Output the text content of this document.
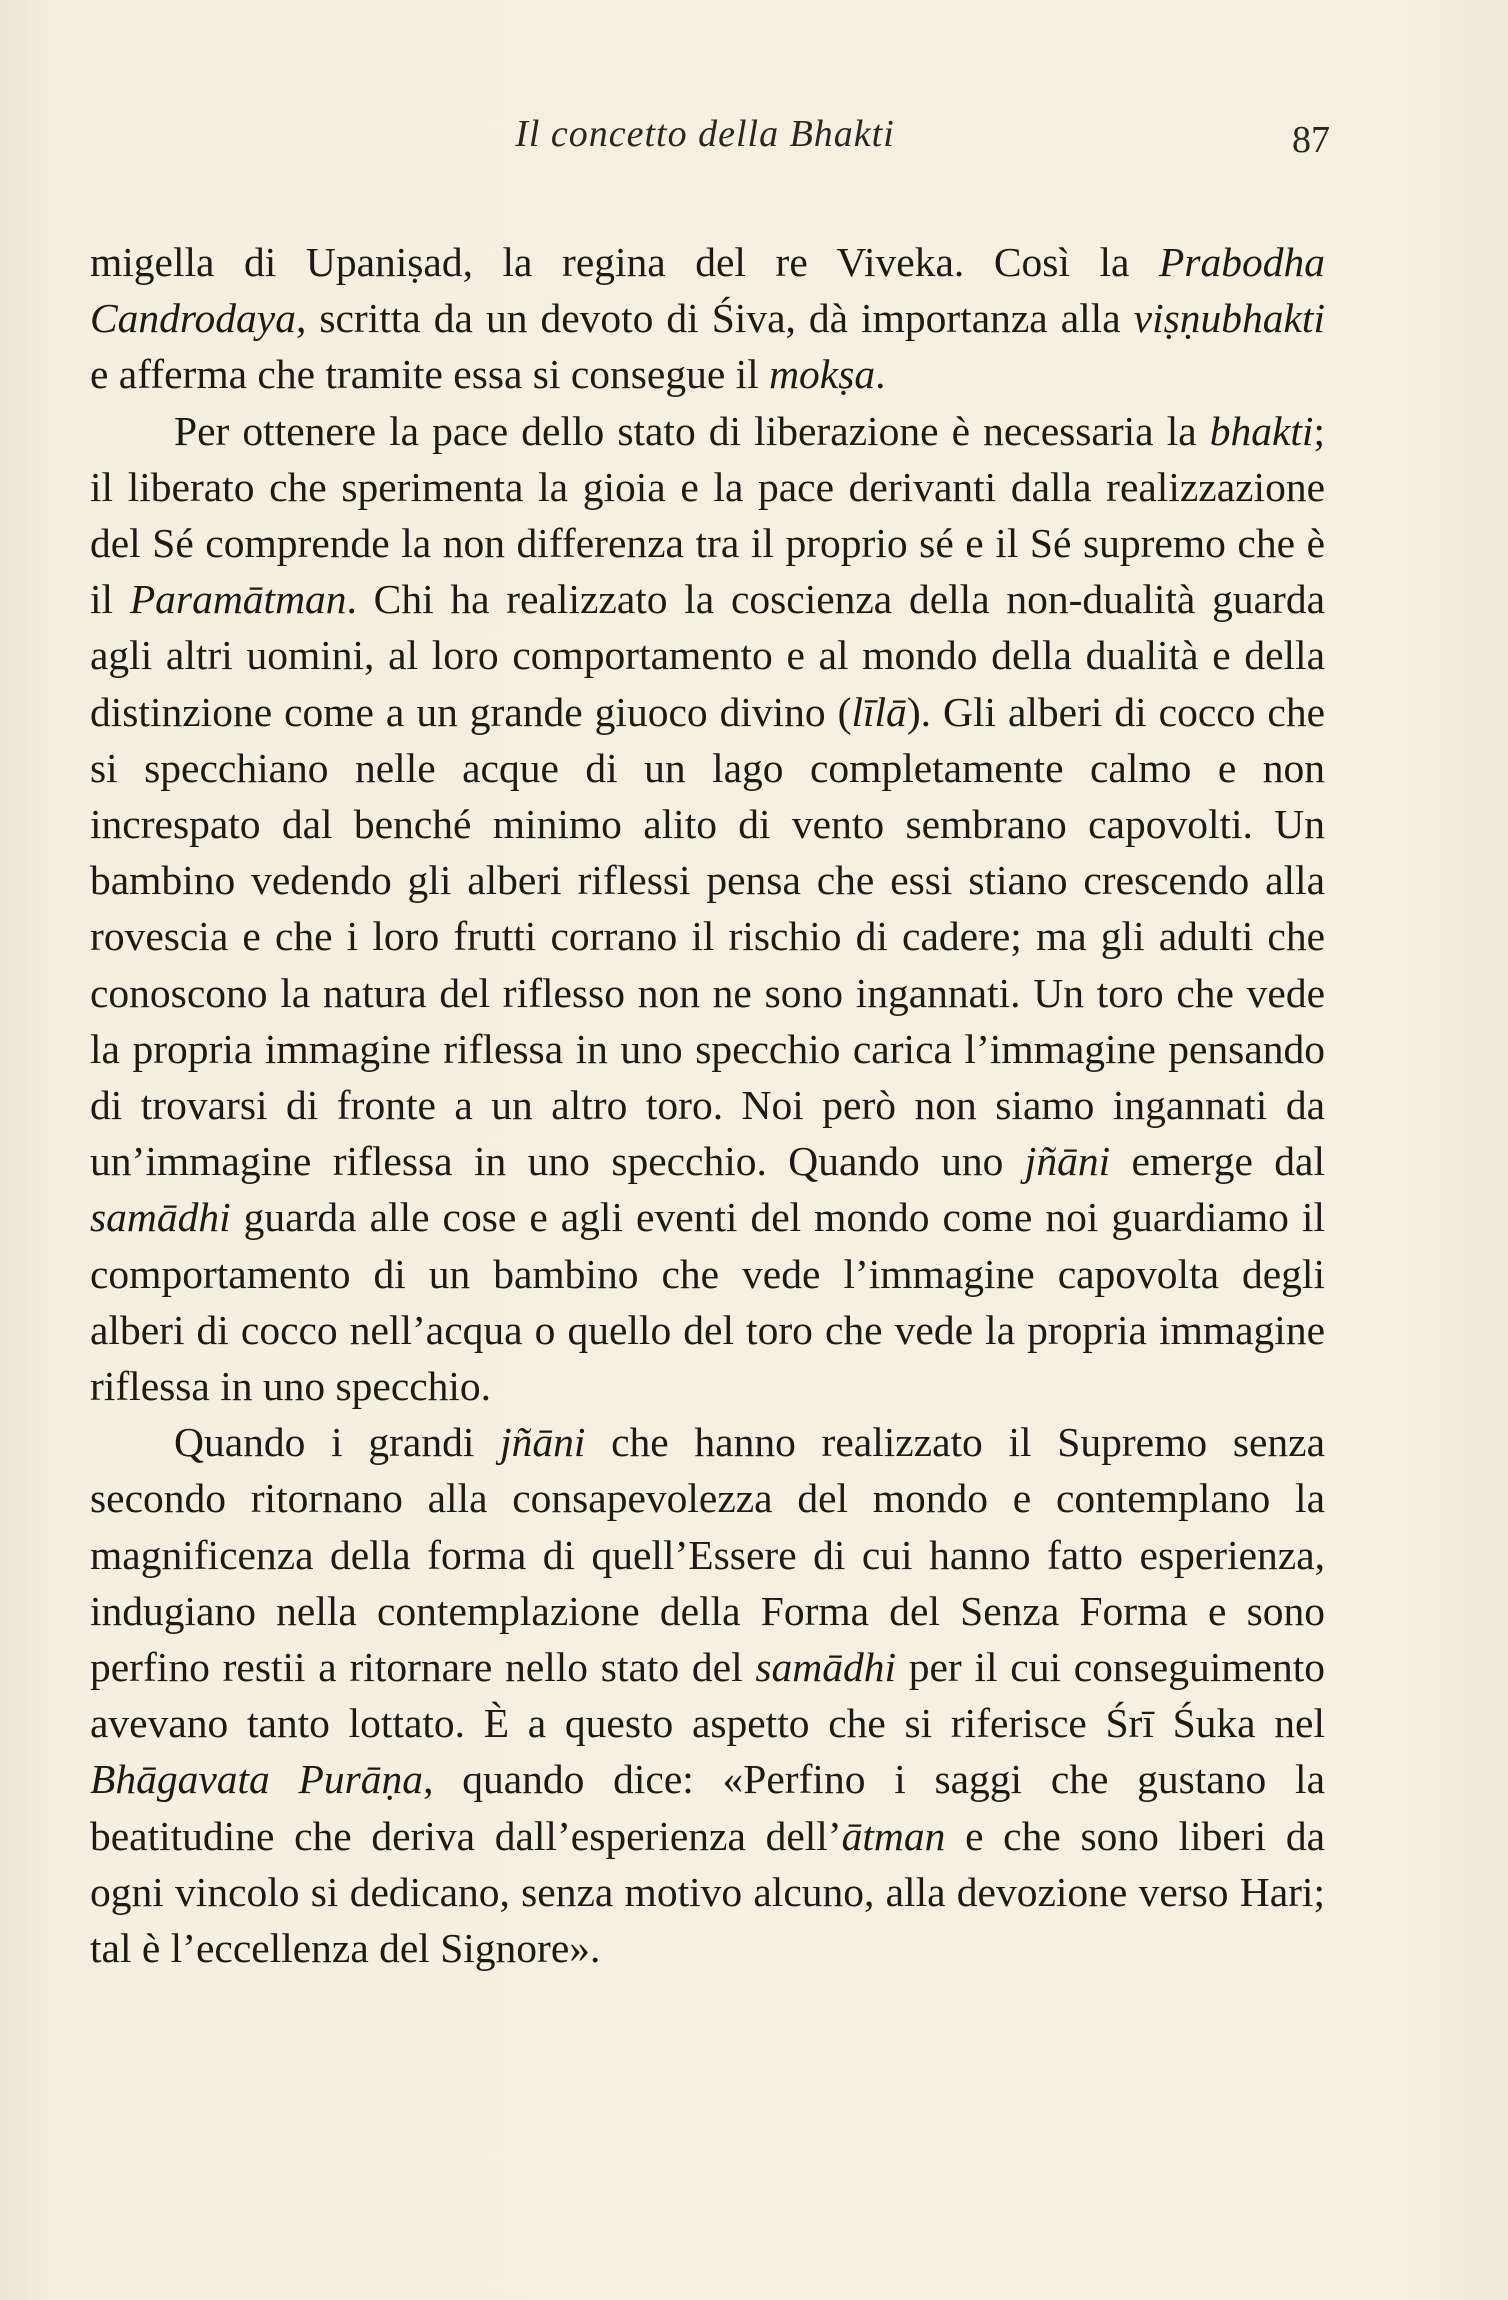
Il concetto della Bhakti	87

migella di Upaniṣad, la regina del re Viveka. Così la Prabodha Candrodaya, scritta da un devoto di Śiva, dà importanza alla viṣṇubhakti e afferma che tramite essa si consegue il mokṣa.

Per ottenere la pace dello stato di liberazione è necessaria la bhakti; il liberato che sperimenta la gioia e la pace derivanti dalla realizzazione del Sé comprende la non differenza tra il proprio sé e il Sé supremo che è il Paramātman. Chi ha realizzato la coscienza della non-dualità guarda agli altri uomini, al loro comportamento e al mondo della dualità e della distinzione come a un grande giuoco divino (līlā). Gli alberi di cocco che si specchiano nelle acque di un lago completamente calmo e non increspato dal benché minimo alito di vento sembrano capovolti. Un bambino vedendo gli alberi riflessi pensa che essi stiano crescendo alla rovescia e che i loro frutti corrano il rischio di cadere; ma gli adulti che conoscono la natura del riflesso non ne sono ingannati. Un toro che vede la propria immagine riflessa in uno specchio carica l’immagine pensando di trovarsi di fronte a un altro toro. Noi però non siamo ingannati da un’immagine riflessa in uno specchio. Quando uno jñāni emerge dal samādhi guarda alle cose e agli eventi del mondo come noi guardiamo il comportamento di un bambino che vede l’immagine capovolta degli alberi di cocco nell’acqua o quello del toro che vede la propria immagine riflessa in uno specchio.

Quando i grandi jñāni che hanno realizzato il Supremo senza secondo ritornano alla consapevolezza del mondo e contemplano la magnificenza della forma di quell’Essere di cui hanno fatto esperienza, indugiano nella contemplazione della Forma del Senza Forma e sono perfino restii a ritornare nello stato del samādhi per il cui conseguimento avevano tanto lottato. È a questo aspetto che si riferisce Śrī Śuka nel Bhāgavata Purāṇa, quando dice: «Perfino i saggi che gustano la beatitudine che deriva dall’esperienza dell’ātman e che sono liberi da ogni vincolo si dedicano, senza motivo alcuno, alla devozione verso Hari; tal è l’eccellenza del Signore».
